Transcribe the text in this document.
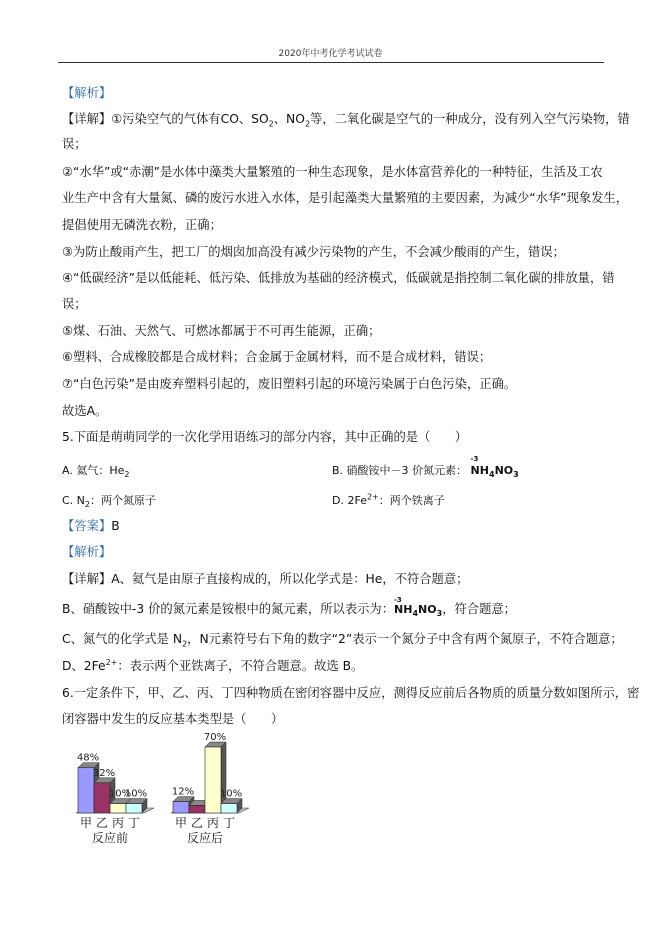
2020年中考化学考试试卷
【解析】
【详解】①污染空气的气体有CO、$SO_2$、$NO_2$等，二氧化碳是空气的一种成分，没有列入空气污染物，错
误；
②“水华”或“赤潮”是水体中藻类大量繁殖的一种生态现象，是水体富营养化的一种特征，生活及工农
业生产中含有大量氮、磷的废污水进入水体，是引起藻类大量繁殖的主要因素，为减少“水华”现象发生，
提倡使用无磷洗衣粉，正确；
③为防止酸雨产生，把工厂的烟囱加高没有减少污染物的产生，不会减少酸雨的产生，错误；
④“低碳经济”是以低能耗、低污染、低排放为基础的经济模式，低碳就是指控制二氧化碳的排放量，错
误；
⑤煤、石油、天然气、可燃冰都属于不可再生能源，正确；
⑥塑料、合成橡胶都是合成材料；合金属于金属材料，而不是合成材料，错误；
⑦“白色污染”是由废弃塑料引起的，废旧塑料引起的环境污染属于白色污染，正确。
故选A。
5.下面是萌萌同学的一次化学用语练习的部分内容，其中正确的是（　　）
A. 氦气：$He_2$	B. 硝酸铵中－3 价氮元素：
-3
$NH_4NO_3$
C. $N_2$：两个氮原子	D. $2Fe^{2+}$：两个铁离子
【答案】B
【解析】
【详解】A、氦气是由原子直接构成的，所以化学式是：He，不符合题意；
B、硝酸铵中-3 价的氮元素是铵根中的氮元素，所以表示为：
-3
$NH_4NO_3$，符合题意；
C、氮气的化学式是 $N_2$，N元素符号右下角的数字“2”表示一个氮分子中含有两个氮原子，不符合题意；
D、$2Fe^{2+}$：表示两个亚铁离子，不符合题意。故选 B。
6.一定条件下，甲、乙、丙、丁四种物质在密闭容器中反应，测得反应前后各物质的质量分数如图所示，密
闭容器中发生的反应基本类型是（　　）
48%
甲
32%
乙
10%
丙
10%
丁
反应前
12%
甲 乙
70%
丙
10%
丁
反应后
